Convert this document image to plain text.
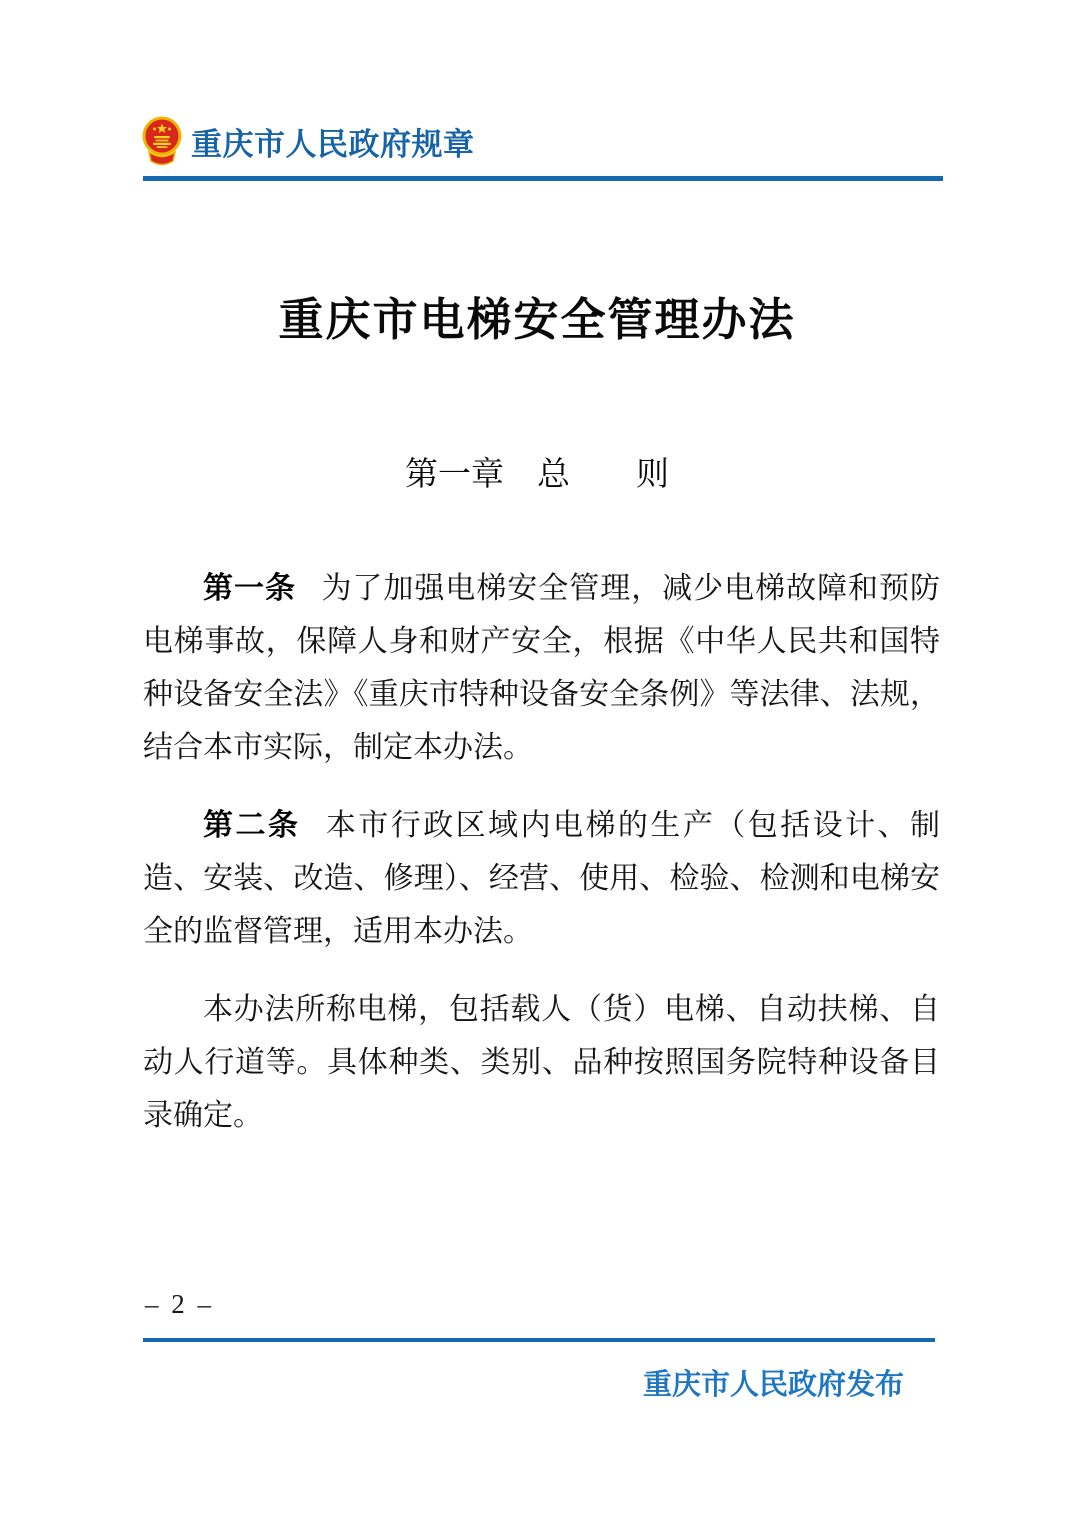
重庆市人民政府规章
重庆市电梯安全管理办法
第一章　总　　则

第一条 为了加强电梯安全管理，减少电梯故障和预防电梯事故，保障人身和财产安全，根据《中华人民共和国特种设备安全法》《重庆市特种设备安全条例》等法律、法规，结合本市实际，制定本办法。

第二条 本市行政区域内电梯的生产（包括设计、制造、安装、改造、修理）、经营、使用、检验、检测和电梯安全的监督管理，适用本办法。

本办法所称电梯，包括载人（货）电梯、自动扶梯、自动人行道等。具体种类、类别、品种按照国务院特种设备目录确定。

– 2 –
重庆市人民政府发布
